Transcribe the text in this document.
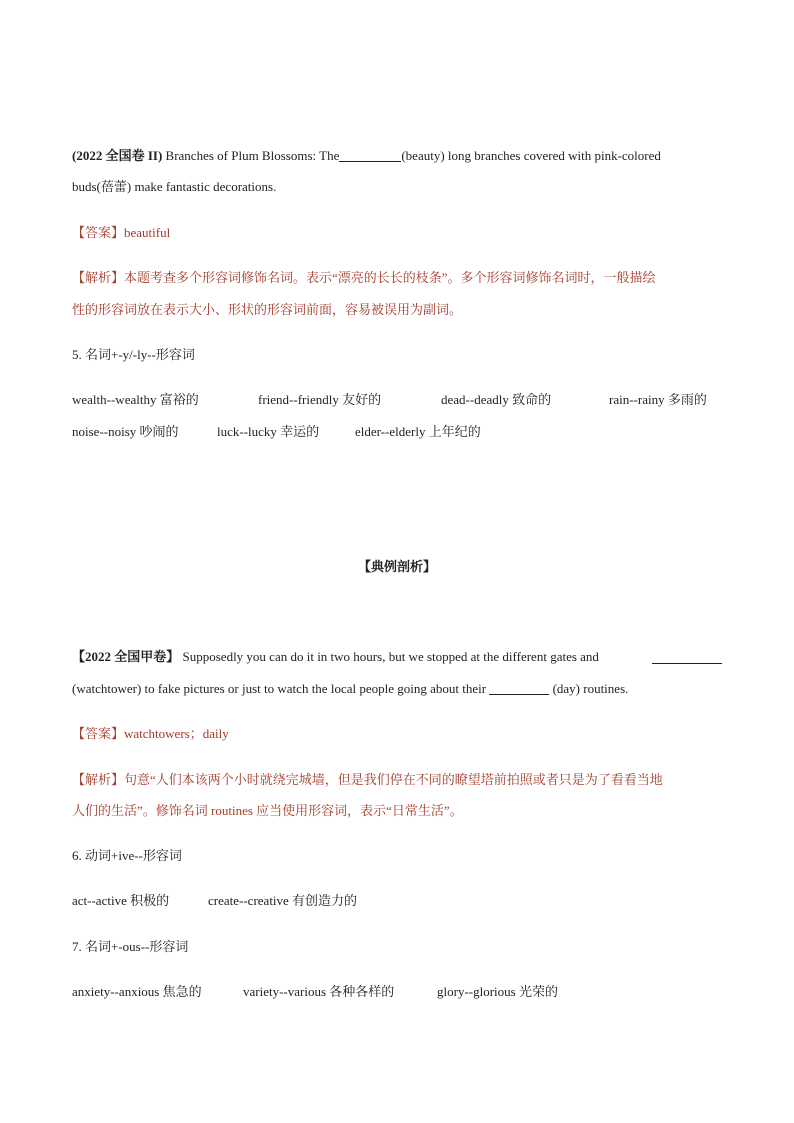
(2022 全国卷 II) Branches of Plum Blossoms: The	(beauty) long branches covered with pink-colored
buds(蓓蕾) make fantastic decorations.
【答案】beautiful
【解析】本题考查多个形容词修饰名词。表示“漂亮的长长的枝条”。多个形容词修饰名词时，一般描绘
性的形容词放在表示大小、形状的形容词前面，容易被误用为副词。
5. 名词+-y/-ly--形容词
wealth--wealthy 富裕的	friend--friendly 友好的	dead--deadly 致命的	rain--rainy 多雨的
noise--noisy 吵闹的	luck--lucky 幸运的	elder--elderly 上年纪的
【典例剖析】
【2022 全国甲卷】 Supposedly you can do it in two hours, but we stopped at the different gates and
(watchtower) to fake pictures or just to watch the local people going about their	(day) routines.
【答案】watchtowers；daily
【解析】句意“人们本该两个小时就绕完城墙，但是我们停在不同的瞭望塔前拍照或者只是为了看看当地
人们的生活”。修饰名词 routines 应当使用形容词，表示“日常生活”。
6. 动词+ive--形容词
act--active 积极的	create--creative 有创造力的
7. 名词+-ous--形容词
anxiety--anxious 焦急的	variety--various 各种各样的	glory--glorious 光荣的
